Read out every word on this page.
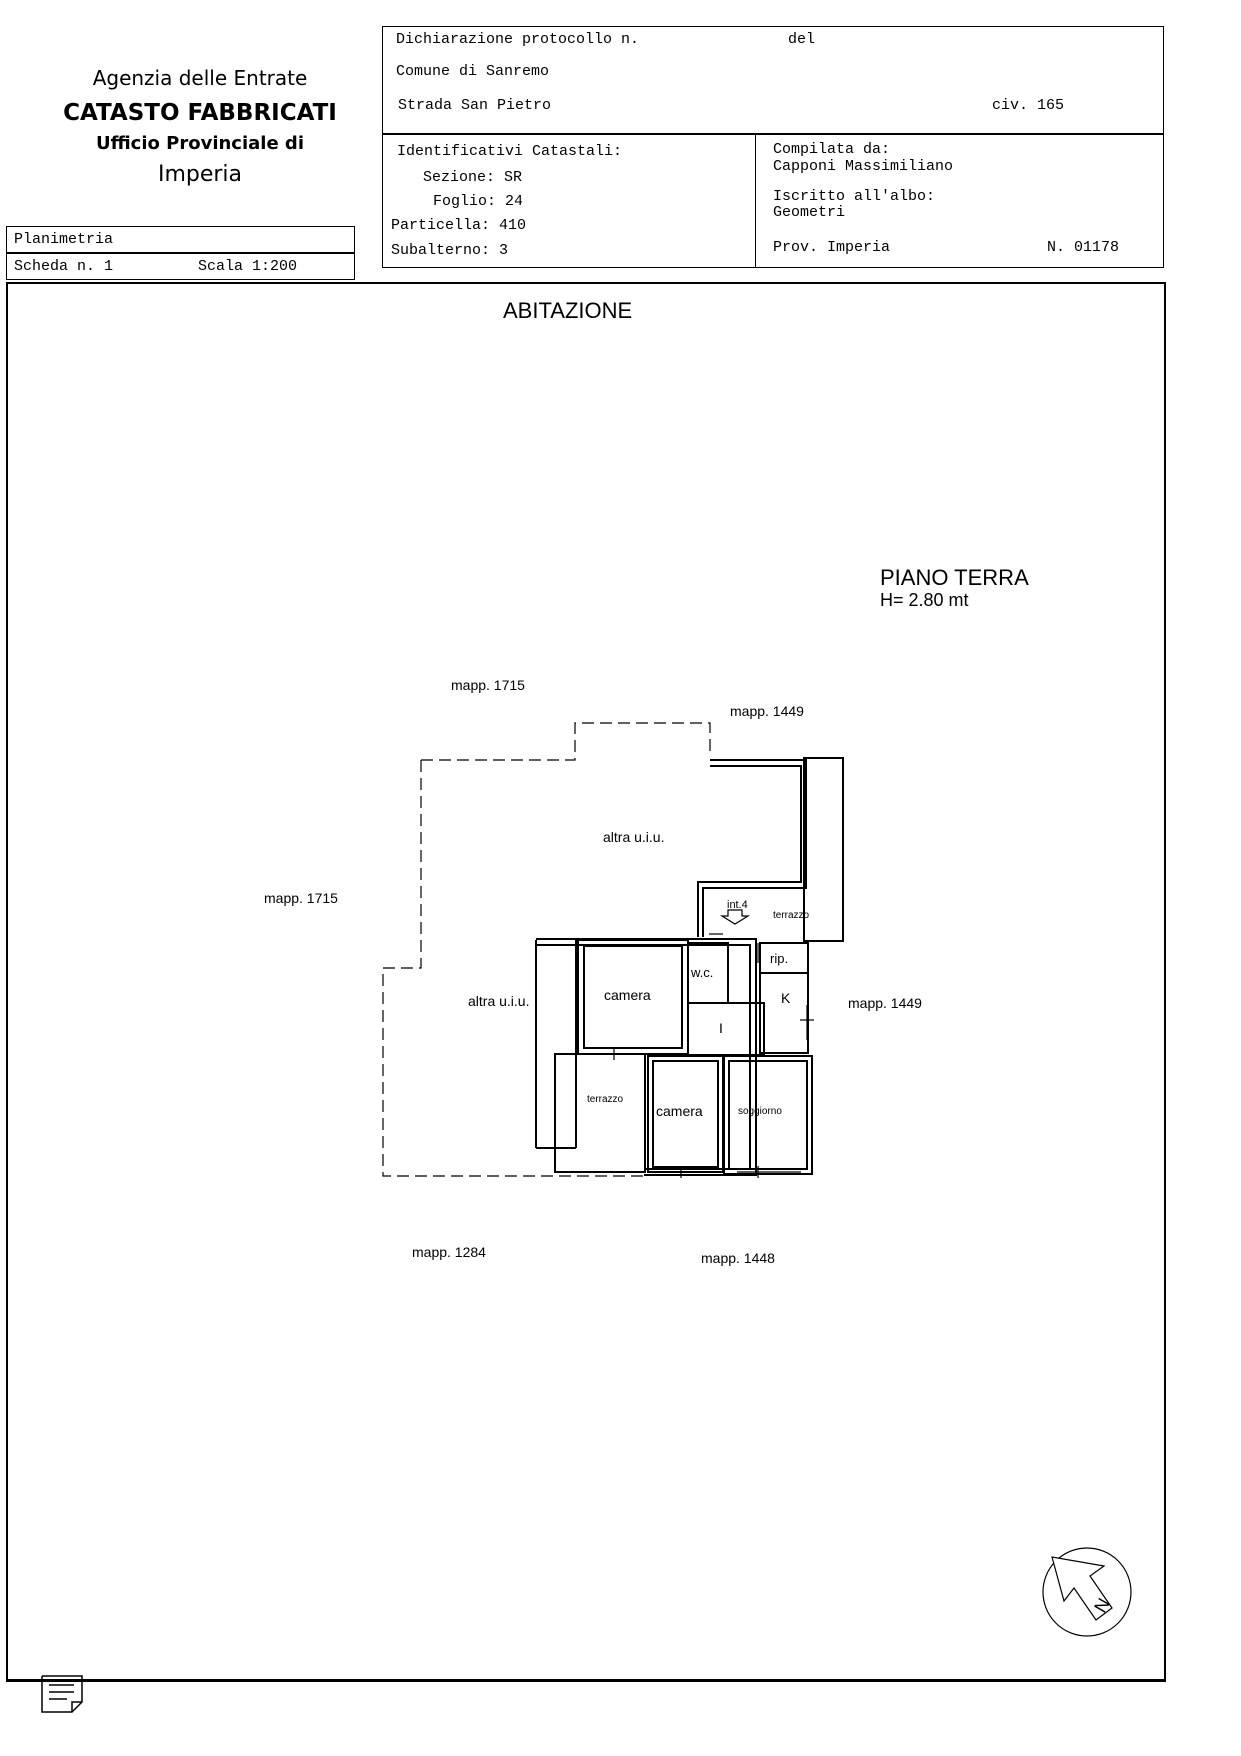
Agenzia delle Entrate
CATASTO FABBRICATI
Ufficio Provinciale di
Imperia
Dichiarazione protocollo n.	del
Comune di Sanremo
Strada San Pietro	civ. 165
Identificativi Catastali:
Sezione: SR
Foglio: 24
Particella: 410
Subalterno: 3
Compilata da:
Capponi Massimiliano
Iscritto all'albo:
Geometri
Prov. Imperia	N. 01178
Planimetria
Scheda n. 1	Scala 1:200
N
ABITAZIONE
PIANO TERRA
H= 2.80 mt
mapp. 1715
mapp. 1449
mapp. 1715
mapp. 1449
mapp. 1284	mapp. 1448
altra u.i.u.
altra u.i.u.
int.4
terrazzo
rip.
w.c.
camera	K
I
terrazzo
camera	soggiorno
